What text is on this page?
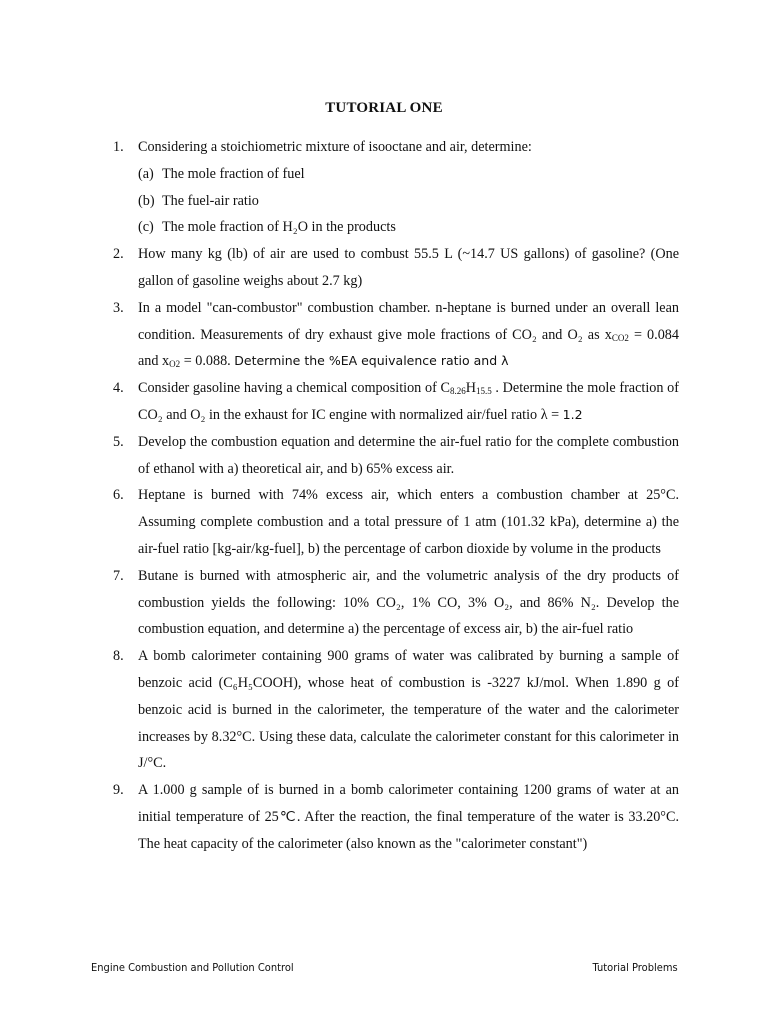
TUTORIAL ONE
1. Considering a stoichiometric mixture of isooctane and air, determine:
(a) The mole fraction of fuel
(b) The fuel-air ratio
(c) The mole fraction of H₂O in the products
2. How many kg (lb) of air are used to combust 55.5 L (~14.7 US gallons) of gasoline? (One gallon of gasoline weighs about 2.7 kg)
3. In a model "can-combustor" combustion chamber. n-heptane is burned under an overall lean condition. Measurements of dry exhaust give mole fractions of CO₂ and O₂ as $x_{CO2} = 0.084$ and $x_{O2} = 0.088$. Determine the %EA equivalence ratio and λ
4. Consider gasoline having a chemical composition of $C_{8.26}H_{15.5}$ . Determine the mole fraction of CO₂ and O₂ in the exhaust for IC engine with normalized air/fuel ratio λ = 1.2
5. Develop the combustion equation and determine the air-fuel ratio for the complete combustion of ethanol with a) theoretical air, and b) 65% excess air.
6. Heptane is burned with 74% excess air, which enters a combustion chamber at 25°C. Assuming complete combustion and a total pressure of 1 atm (101.32 kPa), determine a) the air-fuel ratio [kg-air/kg-fuel], b) the percentage of carbon dioxide by volume in the products
7. Butane is burned with atmospheric air, and the volumetric analysis of the dry products of combustion yields the following: 10% CO₂, 1% CO, 3% O₂, and 86% N₂. Develop the combustion equation, and determine a) the percentage of excess air, b) the air-fuel ratio
8. A bomb calorimeter containing 900 grams of water was calibrated by burning a sample of benzoic acid (C₆H₅COOH), whose heat of combustion is -3227 kJ/mol. When 1.890 g of benzoic acid is burned in the calorimeter, the temperature of the water and the calorimeter increases by 8.32°C. Using these data, calculate the calorimeter constant for this calorimeter in J/°C.
9. A 1.000 g sample of is burned in a bomb calorimeter containing 1200 grams of water at an initial temperature of 25℃. After the reaction, the final temperature of the water is 33.20°C. The heat capacity of the calorimeter (also known as the "calorimeter constant")
Engine Combustion and Pollution Control	Tutorial Problems
